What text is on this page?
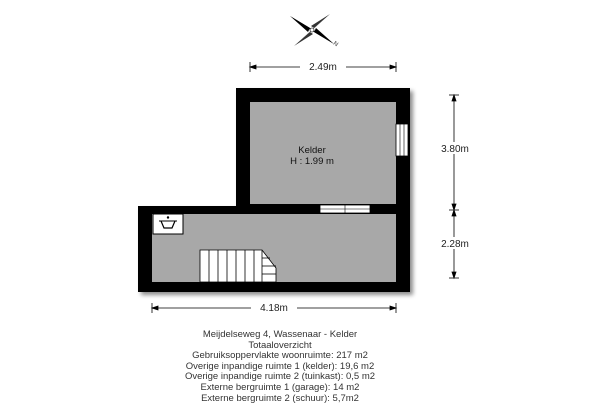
N
Kelder
H : 1.99 m
2.49m
4.18m
3.80m
2.28m
Meijdelseweg 4, Wassenaar - Kelder
Totaaloverzicht
Gebruiksoppervlakte woonruimte: 217 m2
Overige inpandige ruimte 1 (kelder): 19,6 m2
Overige inpandige ruimte 2 (tuinkast): 0,5 m2
Externe bergruimte 1 (garage): 14 m2
Externe bergruimte 2 (schuur): 5,7m2
